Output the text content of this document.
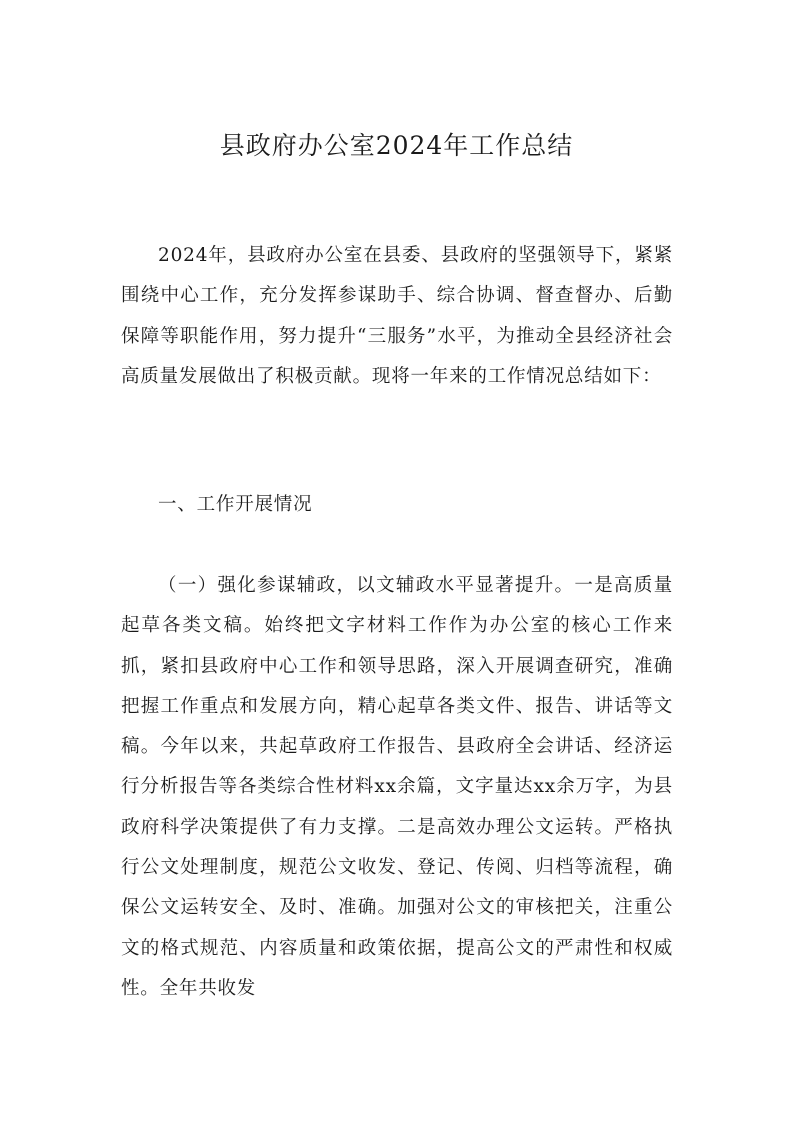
县政府办公室2024年工作总结

2024年，县政府办公室在县委、县政府的坚强领导下，紧紧围绕中心工作，充分发挥参谋助手、综合协调、督查督办、后勤保障等职能作用，努力提升“三服务”水平，为推动全县经济社会高质量发展做出了积极贡献。现将一年来的工作情况总结如下：

一、工作开展情况

（一）强化参谋辅政，以文辅政水平显著提升。一是高质量起草各类文稿。始终把文字材料工作作为办公室的核心工作来抓，紧扣县政府中心工作和领导思路，深入开展调查研究，准确把握工作重点和发展方向，精心起草各类文件、报告、讲话等文稿。今年以来，共起草政府工作报告、县政府全会讲话、经济运行分析报告等各类综合性材料xx余篇，文字量达xx余万字，为县政府科学决策提供了有力支撑。二是高效办理公文运转。严格执行公文处理制度，规范公文收发、登记、传阅、归档等流程，确保公文运转安全、及时、准确。加强对公文的审核把关，注重公文的格式规范、内容质量和政策依据，提高公文的严肃性和权威性。全年共收发
